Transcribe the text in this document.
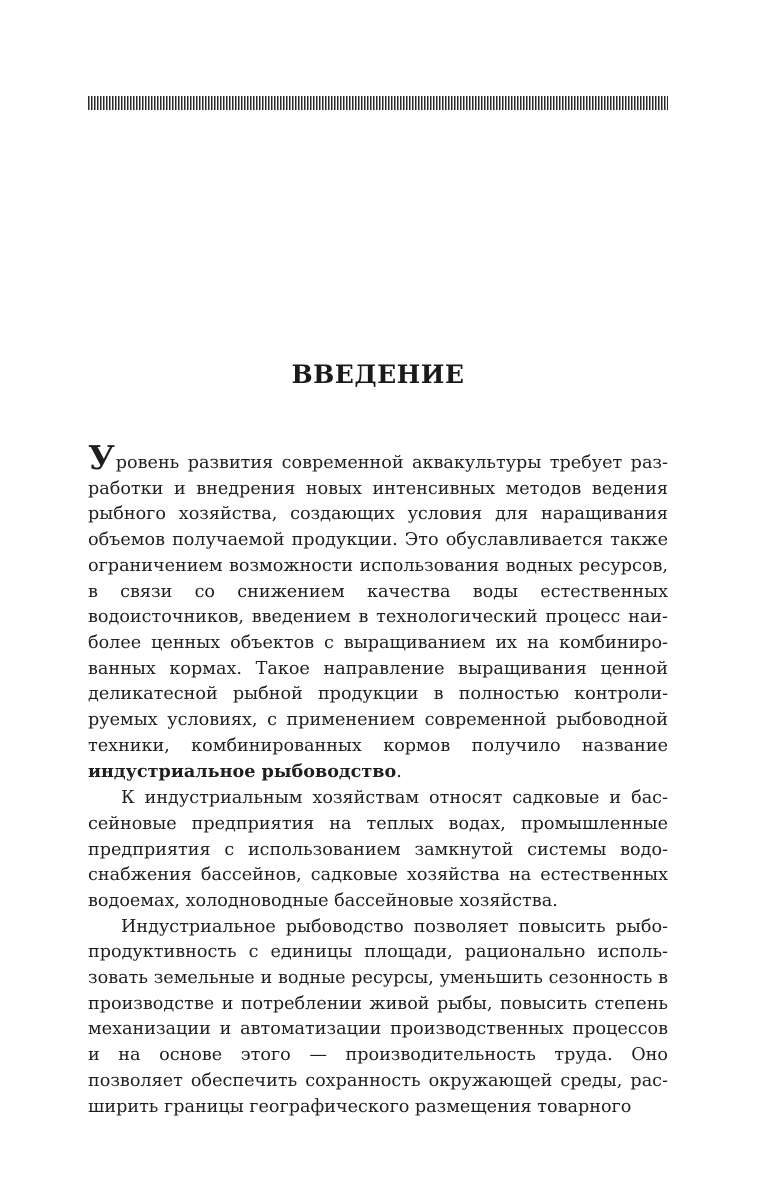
ВВЕДЕНИЕ

Уровень развития современной аквакультуры требует разработки и внедрения новых интенсивных методов ведения рыбного хозяйства, создающих условия для наращивания объемов получаемой продукции. Это обуславливается также ограничением возможности использования водных ресурсов, в связи со снижением качества воды естественных водоисточников, введением в технологический процесс наиболее ценных объектов с выращиванием их на комбинированных кормах. Такое направление выращивания ценной деликатесной рыбной продукции в полностью контролируемых условиях, с применением современной рыбоводной техники, комбинированных кормов получило название индустриальное рыбоводство.

К индустриальным хозяйствам относят садковые и бассейновые предприятия на теплых водах, промышленные предприятия с использованием замкнутой системы водоснабжения бассейнов, садковые хозяйства на естественных водоемах, холодноводные бассейновые хозяйства.

Индустриальное рыбоводство позволяет повысить рыбопродуктивность с единицы площади, рационально использовать земельные и водные ресурсы, уменьшить сезонность в производстве и потреблении живой рыбы, повысить степень механизации и автоматизации производственных процессов и на основе этого — производительность труда. Оно позволяет обеспечить сохранность окружающей среды, расширить границы географического размещения товарного
